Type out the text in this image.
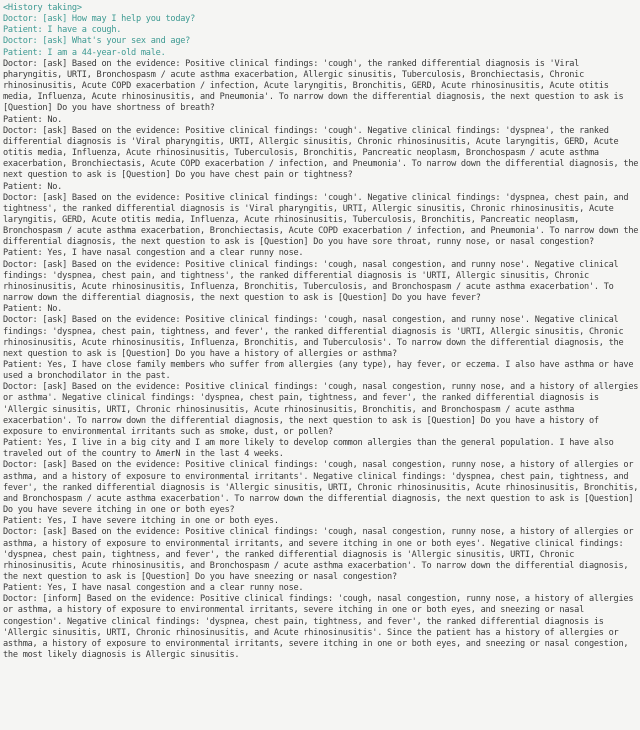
<History taking>
Doctor: [ask] How may I help you today?
Patient: I have a cough.
Doctor: [ask] What's your sex and age?
Patient: I am a 44-year-old male.
Doctor: [ask] Based on the evidence: Positive clinical findings: 'cough', the ranked differential diagnosis is 'Viral pharyngitis, URTI, Bronchospasm / acute asthma exacerbation, Allergic sinusitis, Tuberculosis, Bronchiectasis, Chronic rhinosinusitis, Acute COPD exacerbation / infection, Acute laryngitis, Bronchitis, GERD, Acute rhinosinusitis, Acute otitis media, Influenza, Acute rhinosinusitis, and Pneumonia'. To narrow down the differential diagnosis, the next question to ask is [Question] Do you have shortness of breath?
Patient: No.
Doctor: [ask] Based on the evidence: Positive clinical findings: 'cough'. Negative clinical findings: 'dyspnea', the ranked differential diagnosis is 'Viral pharyngitis, URTI, Allergic sinusitis, Chronic rhinosinusitis, Acute laryngitis, GERD, Acute otitis media, Influenza, Acute rhinosinusitis, Tuberculosis, Bronchitis, Pancreatic neoplasm, Bronchospasm / acute asthma exacerbation, Bronchiectasis, Acute COPD exacerbation / infection, and Pneumonia'. To narrow down the differential diagnosis, the next question to ask is [Question] Do you have chest pain or tightness?
Patient: No.
Doctor: [ask] Based on the evidence: Positive clinical findings: 'cough'. Negative clinical findings: 'dyspnea, chest pain, and tightness', the ranked differential diagnosis is 'Viral pharyngitis, URTI, Allergic sinusitis, Chronic rhinosinusitis, Acute laryngitis, GERD, Acute otitis media, Influenza, Acute rhinosinusitis, Tuberculosis, Bronchitis, Pancreatic neoplasm, Bronchospasm / acute asthma exacerbation, Bronchiectasis, Acute COPD exacerbation / infection, and Pneumonia'. To narrow down the differential diagnosis, the next question to ask is [Question] Do you have sore throat, runny nose, or nasal congestion?
Patient: Yes, I have nasal congestion and a clear runny nose.
Doctor: [ask] Based on the evidence: Positive clinical findings: 'cough, nasal congestion, and runny nose'. Negative clinical findings: 'dyspnea, chest pain, and tightness', the ranked differential diagnosis is 'URTI, Allergic sinusitis, Chronic rhinosinusitis, Acute rhinosinusitis, Influenza, Bronchitis, Tuberculosis, and Bronchospasm / acute asthma exacerbation'. To narrow down the differential diagnosis, the next question to ask is [Question] Do you have fever?
Patient: No.
Doctor: [ask] Based on the evidence: Positive clinical findings: 'cough, nasal congestion, and runny nose'. Negative clinical findings: 'dyspnea, chest pain, tightness, and fever', the ranked differential diagnosis is 'URTI, Allergic sinusitis, Chronic rhinosinusitis, Acute rhinosinusitis, Influenza, Bronchitis, and Tuberculosis'. To narrow down the differential diagnosis, the next question to ask is [Question] Do you have a history of allergies or asthma?
Patient: Yes, I have close family members who suffer from allergies (any type), hay fever, or eczema. I also have asthma or have used a bronchodilator in the past.
Doctor: [ask] Based on the evidence: Positive clinical findings: 'cough, nasal congestion, runny nose, and a history of allergies or asthma'. Negative clinical findings: 'dyspnea, chest pain, tightness, and fever', the ranked differential diagnosis is 'Allergic sinusitis, URTI, Chronic rhinosinusitis, Acute rhinosinusitis, Bronchitis, and Bronchospasm / acute asthma exacerbation'. To narrow down the differential diagnosis, the next question to ask is [Question] Do you have a history of exposure to environmental irritants such as smoke, dust, or pollen?
Patient: Yes, I live in a big city and I am more likely to develop common allergies than the general population. I have also traveled out of the country to AmerN in the last 4 weeks.
Doctor: [ask] Based on the evidence: Positive clinical findings: 'cough, nasal congestion, runny nose, a history of allergies or asthma, and a history of exposure to environmental irritants'. Negative clinical findings: 'dyspnea, chest pain, tightness, and fever', the ranked differential diagnosis is 'Allergic sinusitis, URTI, Chronic rhinosinusitis, Acute rhinosinusitis, Bronchitis, and Bronchospasm / acute asthma exacerbation'. To narrow down the differential diagnosis, the next question to ask is [Question] Do you have severe itching in one or both eyes?
Patient: Yes, I have severe itching in one or both eyes.
Doctor: [ask] Based on the evidence: Positive clinical findings: 'cough, nasal congestion, runny nose, a history of allergies or asthma, a history of exposure to environmental irritants, and severe itching in one or both eyes'. Negative clinical findings: 'dyspnea, chest pain, tightness, and fever', the ranked differential diagnosis is 'Allergic sinusitis, URTI, Chronic rhinosinusitis, Acute rhinosinusitis, and Bronchospasm / acute asthma exacerbation'. To narrow down the differential diagnosis, the next question to ask is [Question] Do you have sneezing or nasal congestion?
Patient: Yes, I have nasal congestion and a clear runny nose.
Doctor: [inform] Based on the evidence: Positive clinical findings: 'cough, nasal congestion, runny nose, a history of allergies or asthma, a history of exposure to environmental irritants, severe itching in one or both eyes, and sneezing or nasal congestion'. Negative clinical findings: 'dyspnea, chest pain, tightness, and fever', the ranked differential diagnosis is 'Allergic sinusitis, URTI, Chronic rhinosinusitis, and Acute rhinosinusitis'. Since the patient has a history of allergies or asthma, a history of exposure to environmental irritants, severe itching in one or both eyes, and sneezing or nasal congestion, the most likely diagnosis is Allergic sinusitis.
